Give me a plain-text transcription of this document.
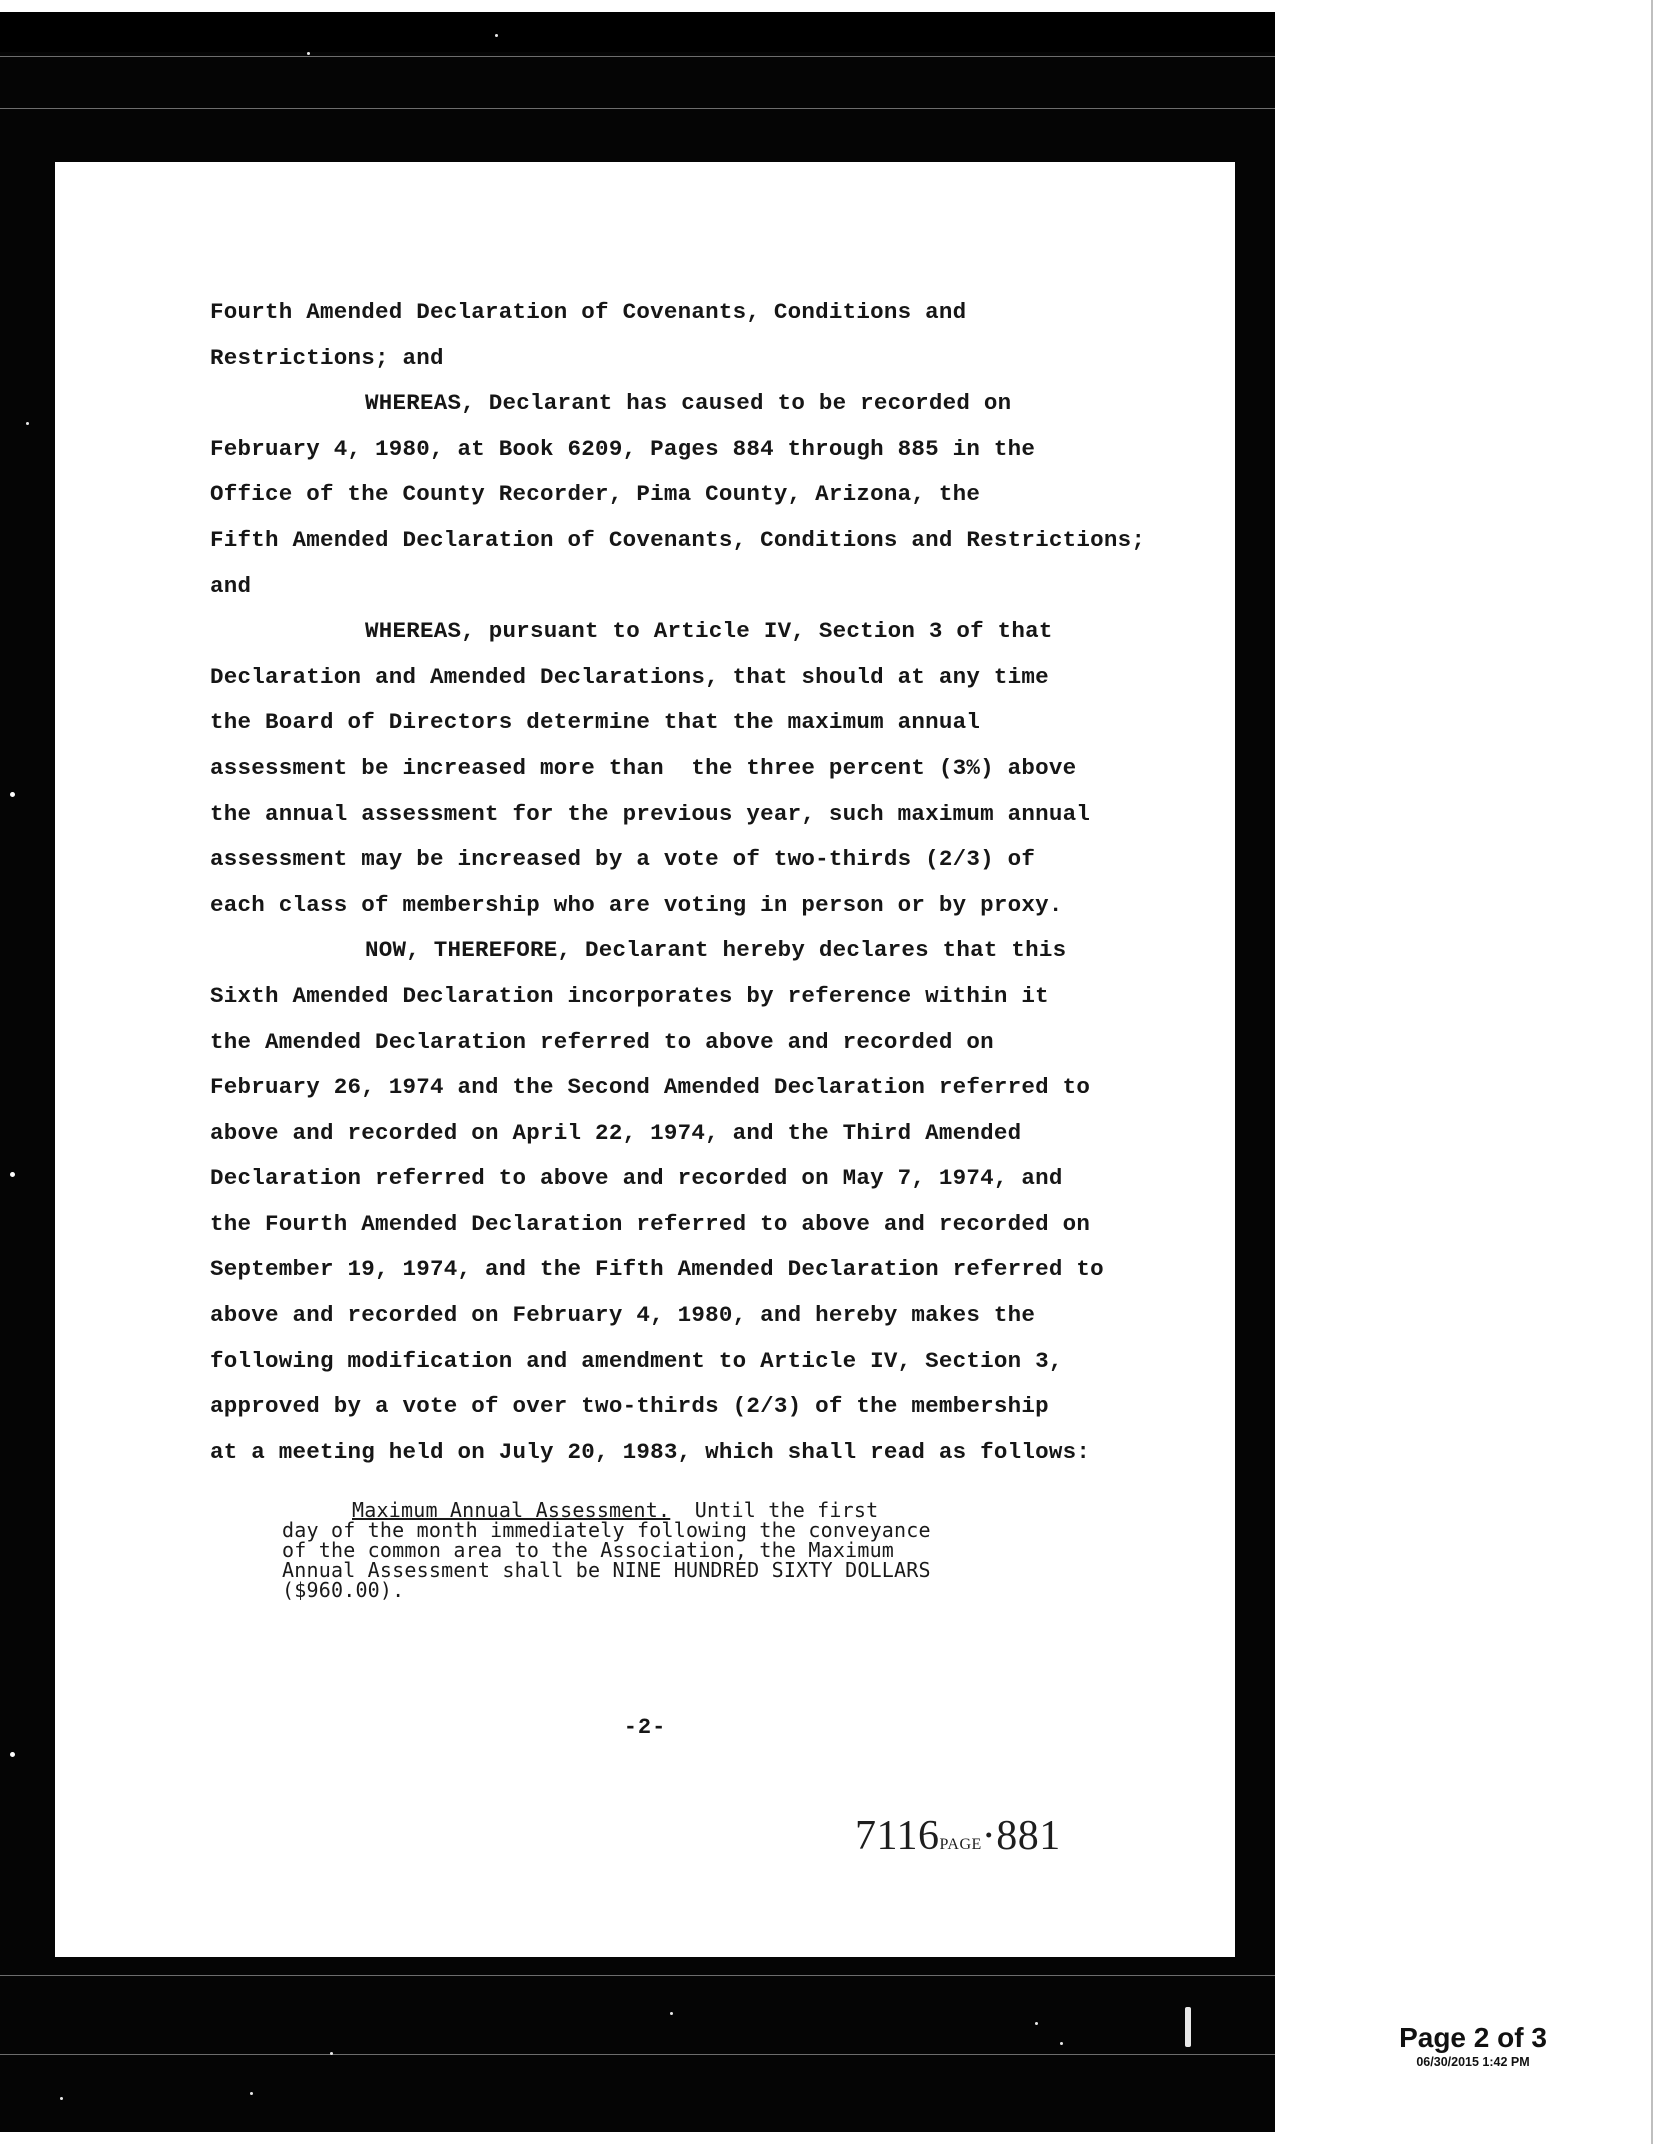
Fourth Amended Declaration of Covenants, Conditions and
Restrictions; and
WHEREAS, Declarant has caused to be recorded on
February 4, 1980, at Book 6209, Pages 884 through 885 in the
Office of the County Recorder, Pima County, Arizona, the
Fifth Amended Declaration of Covenants, Conditions and Restrictions;
and
WHEREAS, pursuant to Article IV, Section 3 of that
Declaration and Amended Declarations, that should at any time
the Board of Directors determine that the maximum annual
assessment be increased more than  the three percent (3%) above
the annual assessment for the previous year, such maximum annual
assessment may be increased by a vote of two-thirds (2/3) of
each class of membership who are voting in person or by proxy.
NOW, THEREFORE, Declarant hereby declares that this
Sixth Amended Declaration incorporates by reference within it
the Amended Declaration referred to above and recorded on
February 26, 1974 and the Second Amended Declaration referred to
above and recorded on April 22, 1974, and the Third Amended
Declaration referred to above and recorded on May 7, 1974, and
the Fourth Amended Declaration referred to above and recorded on
September 19, 1974, and the Fifth Amended Declaration referred to
above and recorded on February 4, 1980, and hereby makes the
following modification and amendment to Article IV, Section 3,
approved by a vote of over two-thirds (2/3) of the membership
at a meeting held on July 20, 1983, which shall read as follows:
Maximum Annual Assessment.  Until the first
day of the month immediately following the conveyance
of the common area to the Association, the Maximum
Annual Assessment shall be NINE HUNDRED SIXTY DOLLARS
($960.00).
-2-
7116PAGE·881
Page 2 of 3
06/30/2015 1:42 PM
